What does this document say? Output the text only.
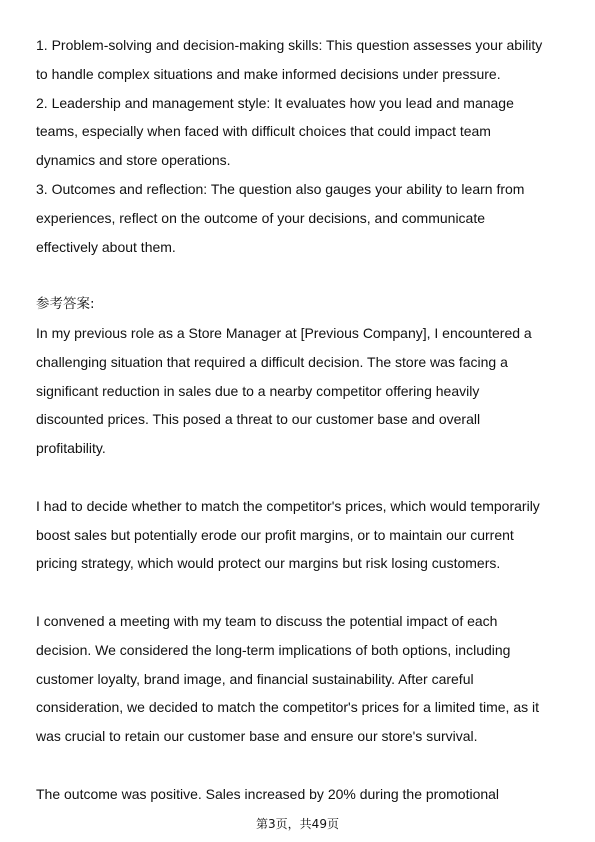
1. Problem-solving and decision-making skills: This question assesses your ability
to handle complex situations and make informed decisions under pressure.
2. Leadership and management style: It evaluates how you lead and manage
teams, especially when faced with difficult choices that could impact team
dynamics and store operations.
3. Outcomes and reflection: The question also gauges your ability to learn from
experiences, reflect on the outcome of your decisions, and communicate
effectively about them.
参考答案:
In my previous role as a Store Manager at [Previous Company], I encountered a
challenging situation that required a difficult decision. The store was facing a
significant reduction in sales due to a nearby competitor offering heavily
discounted prices. This posed a threat to our customer base and overall
profitability.
I had to decide whether to match the competitor's prices, which would temporarily
boost sales but potentially erode our profit margins, or to maintain our current
pricing strategy, which would protect our margins but risk losing customers.
I convened a meeting with my team to discuss the potential impact of each
decision. We considered the long-term implications of both options, including
customer loyalty, brand image, and financial sustainability. After careful
consideration, we decided to match the competitor's prices for a limited time, as it
was crucial to retain our customer base and ensure our store's survival.
The outcome was positive. Sales increased by 20% during the promotional
第3页，共49页
